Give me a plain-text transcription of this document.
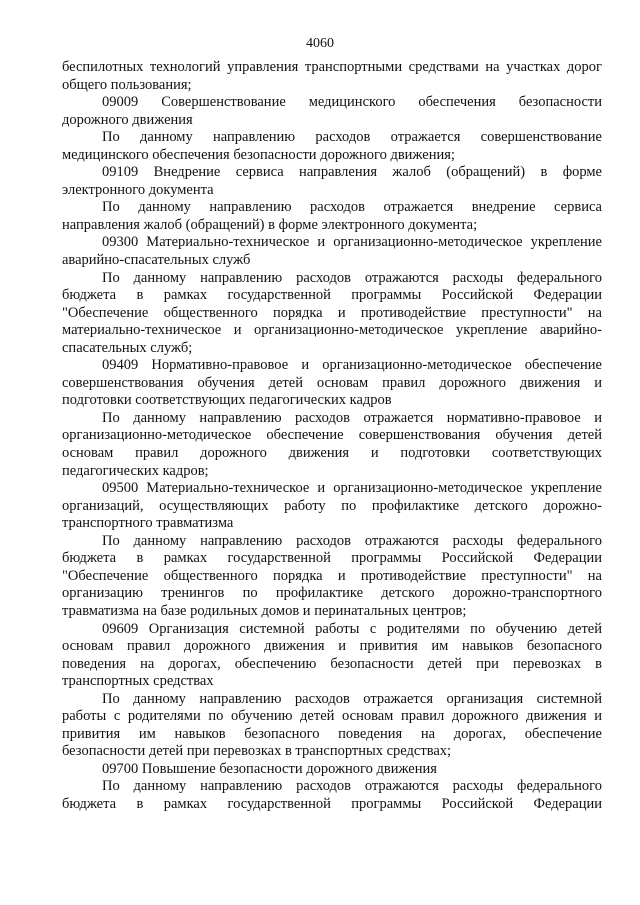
4060
беспилотных технологий управления транспортными средствами на участках дорог
общего пользования;
09009 Совершенствование медицинского обеспечения безопасности
дорожного движения
По данному направлению расходов отражается совершенствование
медицинского обеспечения безопасности дорожного движения;
09109 Внедрение сервиса направления жалоб (обращений) в форме
электронного документа
По данному направлению расходов отражается внедрение сервиса
направления жалоб (обращений) в форме электронного документа;
09300 Материально-техническое и организационно-методическое укрепление
аварийно-спасательных служб
По данному направлению расходов отражаются расходы федерального
бюджета в рамках государственной программы Российской Федерации
"Обеспечение общественного порядка и противодействие преступности" на
материально-техническое и организационно-методическое укрепление аварийно-
спасательных служб;
09409 Нормативно-правовое и организационно-методическое обеспечение
совершенствования обучения детей основам правил дорожного движения и
подготовки соответствующих педагогических кадров
По данному направлению расходов отражается нормативно-правовое и
организационно-методическое обеспечение совершенствования обучения детей
основам правил дорожного движения и подготовки соответствующих
педагогических кадров;
09500 Материально-техническое и организационно-методическое укрепление
организаций, осуществляющих работу по профилактике детского дорожно-
транспортного травматизма
По данному направлению расходов отражаются расходы федерального
бюджета в рамках государственной программы Российской Федерации
"Обеспечение общественного порядка и противодействие преступности" на
организацию тренингов по профилактике детского дорожно-транспортного
травматизма на базе родильных домов и перинатальных центров;
09609 Организация системной работы с родителями по обучению детей
основам правил дорожного движения и привития им навыков безопасного
поведения на дорогах, обеспечению безопасности детей при перевозках в
транспортных средствах
По данному направлению расходов отражается организация системной
работы с родителями по обучению детей основам правил дорожного движения и
привития им навыков безопасного поведения на дорогах, обеспечение
безопасности детей при перевозках в транспортных средствах;
09700 Повышение безопасности дорожного движения
По данному направлению расходов отражаются расходы федерального
бюджета в рамках государственной программы Российской Федерации
